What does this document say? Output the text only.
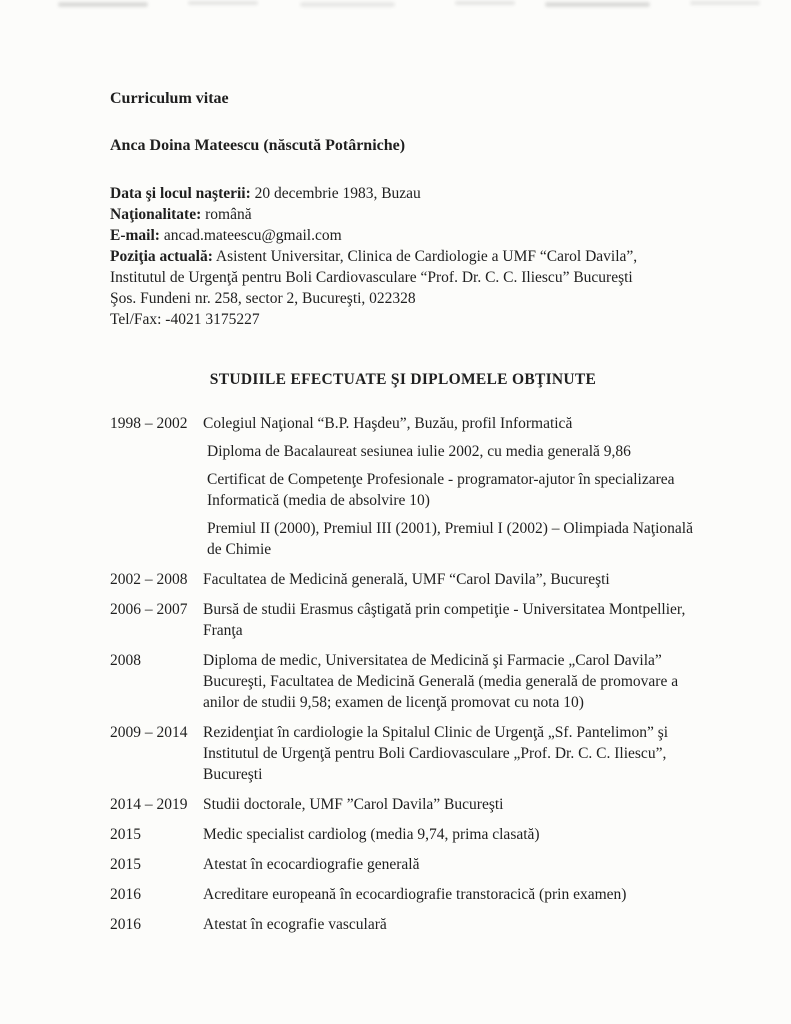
Curriculum vitae
Anca Doina Mateescu (născută Potârniche)
Data şi locul naşterii: 20 decembrie 1983, Buzau
Naţionalitate: română
E-mail: ancad.mateescu@gmail.com
Poziţia actuală: Asistent Universitar, Clinica de Cardiologie a UMF “Carol Davila”,
Institutul de Urgenţă pentru Boli Cardiovasculare “Prof. Dr. C. C. Iliescu” Bucureşti
Şos. Fundeni nr. 258, sector 2, Bucureşti, 022328
Tel/Fax: -4021 3175227
STUDIILE EFECTUATE ŞI DIPLOMELE OBŢINUTE
1998 – 2002	Colegiul Naţional “B.P. Haşdeu”, Buzău, profil Informatică

Diploma de Bacalaureat sesiunea iulie 2002, cu media generală 9,86

Certificat de Competenţe Profesionale - programator-ajutor în specializarea Informatică (media de absolvire 10)

Premiul II (2000), Premiul III (2001), Premiul I (2002) – Olimpiada Naţională de Chimie

2002 – 2008	Facultatea de Medicină generală, UMF “Carol Davila”, Bucureşti

2006 – 2007	Bursă de studii Erasmus câştigată prin competiţie - Universitatea Montpellier, Franţa

2008	Diploma de medic, Universitatea de Medicină şi Farmacie „Carol Davila” Bucureşti, Facultatea de Medicină Generală (media generală de promovare a anilor de studii 9,58; examen de licenţă promovat cu nota 10)

2009 – 2014	Rezidenţiat în cardiologie la Spitalul Clinic de Urgenţă „Sf. Pantelimon” şi Institutul de Urgenţă pentru Boli Cardiovasculare „Prof. Dr. C. C. Iliescu”, Bucureşti

2014 – 2019	Studii doctorale, UMF ”Carol Davila” Bucureşti

2015	Medic specialist cardiolog (media 9,74, prima clasată)

2015	Atestat în ecocardiografie generală

2016	Acreditare europeană în ecocardiografie transtoracică (prin examen)

2016	Atestat în ecografie vasculară
